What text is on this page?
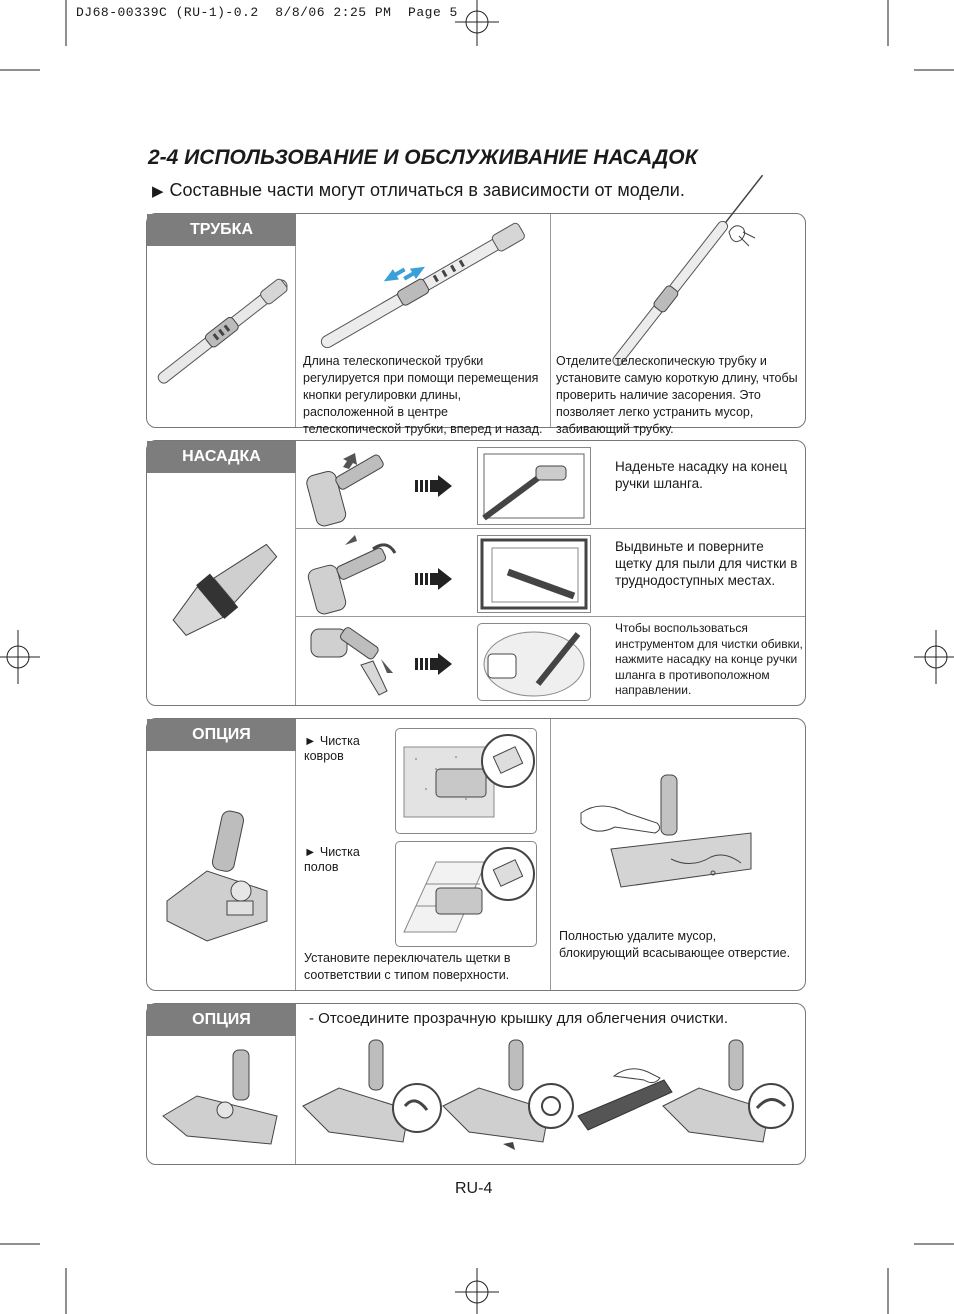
DJ68-00339C (RU-1)-0.2  8/8/06 2:25 PM  Page 5
2-4 ИСПОЛЬЗОВАНИЕ И ОБСЛУЖИВАНИЕ НАСАДОК
▶ Составные части могут отличаться в зависимости от модели.
ТРУБКА
Длина телескопической трубки регулируется при помощи перемещения кнопки регулировки длины, расположенной в центре телескопической трубки, вперед и назад.
Отделите телескопическую трубку и установите самую короткую длину, чтобы проверить наличие засорения. Это позволяет легко устранить мусор, забивающий трубку.
НАСАДКА
Наденьте насадку на конец ручки шланга.
Выдвиньте и поверните щетку для пыли для чистки в труднодоступных местах.
Чтобы воспользоваться инструментом для чистки обивки, нажмите насадку на конце ручки шланга в противоположном направлении.
ОПЦИЯ	► Чистка ковров
► Чистка полов
Установите переключатель щетки в соответствии с типом поверхности.
Полностью удалите мусор, блокирующий всасывающее отверстие.
ОПЦИЯ	- Отсоедините прозрачную крышку для облегчения очистки.
RU-4
